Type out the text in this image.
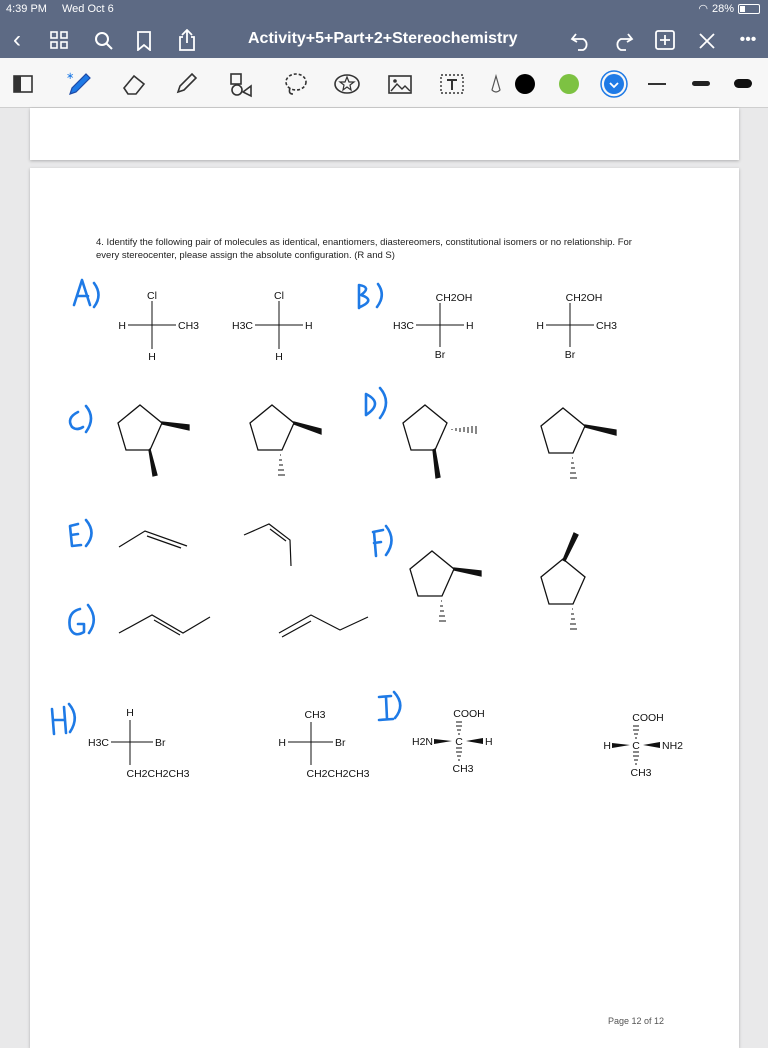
4:39 PM Wed Oct 6	◠ 28%
‹	•••
Activity+5+Part+2+Stereochemistry
∗
4. Identify the following pair of molecules as identical, enantiomers, diastereomers, constitutional isomers or no relationship. For every stereocenter, please assign the absolute configuration. (R and S)
Cl
H	CH3
H
Cl
H3C	H
H
CH2OH
H3C	H
Br
CH2OH
H	CH3
Br
H
H3C	Br
CH2CH2CH3
CH3
H	Br
CH2CH2CH3
COOH
H2N C H
CH3
COOH
H C NH2
CH3
Page 12 of 12
